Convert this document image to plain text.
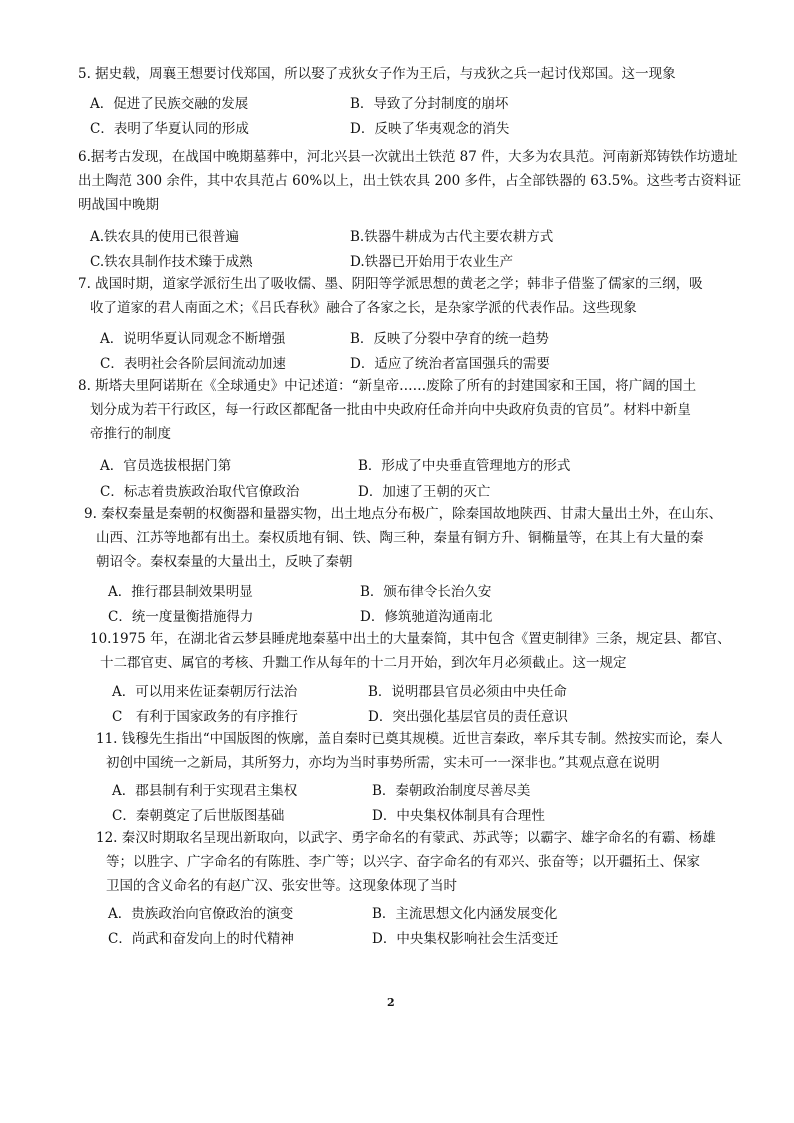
5. 据史载，周襄王想要讨伐郑国，所以娶了戎狄女子作为王后，与戎狄之兵一起讨伐郑国。这一现象
A．促进了民族交融的发展	B．导致了分封制度的崩坏
C．表明了华夏认同的形成	D．反映了华夷观念的消失
6.据考古发现，在战国中晚期墓葬中，河北兴县一次就出土铁范 87 件，大多为农具范。河南新郑铸铁作坊遗址
出土陶范 300 余件，其中农具范占 60%以上，出土铁农具 200 多件，占全部铁器的 63.5%。这些考古资料证
明战国中晚期
A.铁农具的使用已很普遍	B.铁器牛耕成为古代主要农耕方式
C.铁农具制作技术臻于成熟	D.铁器已开始用于农业生产
7. 战国时期，道家学派衍生出了吸收儒、墨、阴阳等学派思想的黄老之学；韩非子借鉴了儒家的三纲，吸
收了道家的君人南面之术；《吕氏春秋》融合了各家之长，是杂家学派的代表作品。这些现象
A．说明华夏认同观念不断增强	B．反映了分裂中孕育的统一趋势
C．表明社会各阶层间流动加速	D．适应了统治者富国强兵的需要
8. 斯塔夫里阿诺斯在《全球通史》中记述道：“新皇帝……废除了所有的封建国家和王国，将广阔的国土
划分成为若干行政区，每一行政区都配备一批由中央政府任命并向中央政府负责的官员”。材料中新皇
帝推行的制度
A．官员选拔根据门第	B．形成了中央垂直管理地方的形式
C．标志着贵族政治取代官僚政治	D．加速了王朝的灭亡
9. 秦权秦量是秦朝的权衡器和量器实物，出土地点分布极广，除秦国故地陕西、甘肃大量出土外，在山东、
山西、江苏等地都有出土。秦权质地有铜、铁、陶三种，秦量有铜方升、铜椭量等，在其上有大量的秦
朝诏令。秦权秦量的大量出土，反映了秦朝
A．推行郡县制效果明显	B．颁布律令长治久安
C．统一度量衡措施得力	D．修筑驰道沟通南北
10.1975 年，在湖北省云梦县睡虎地秦墓中出土的大量秦简，其中包含《置吏制律》三条，规定县、都官、
十二郡官吏、属官的考核、升黜工作从每年的十二月开始，到次年月必须截止。这一规定
A．可以用来佐证秦朝厉行法治	B．说明郡县官员必须由中央任命
C　有利于国家政务的有序推行	D．突出强化基层官员的责任意识
11. 钱穆先生指出“中国版图的恢廓，盖自秦时已奠其规模。近世言秦政，率斥其专制。然按实而论，秦人
初创中国统一之新局，其所努力，亦均为当时事势所需，实未可一一深非也。”其观点意在说明
A．郡县制有利于实现君主集权	B．秦朝政治制度尽善尽美
C．秦朝奠定了后世版图基础	D．中央集权体制具有合理性
12. 秦汉时期取名呈现出新取向，以武字、勇字命名的有蒙武、苏武等；以霸字、雄字命名的有霸、杨雄
等；以胜字、广字命名的有陈胜、李广等；以兴字、奋字命名的有邓兴、张奋等；以开疆拓土、保家
卫国的含义命名的有赵广汉、张安世等。这现象体现了当时
A．贵族政治向官僚政治的演变	B．主流思想文化内涵发展变化
C．尚武和奋发向上的时代精神	D．中央集权影响社会生活变迁
2
